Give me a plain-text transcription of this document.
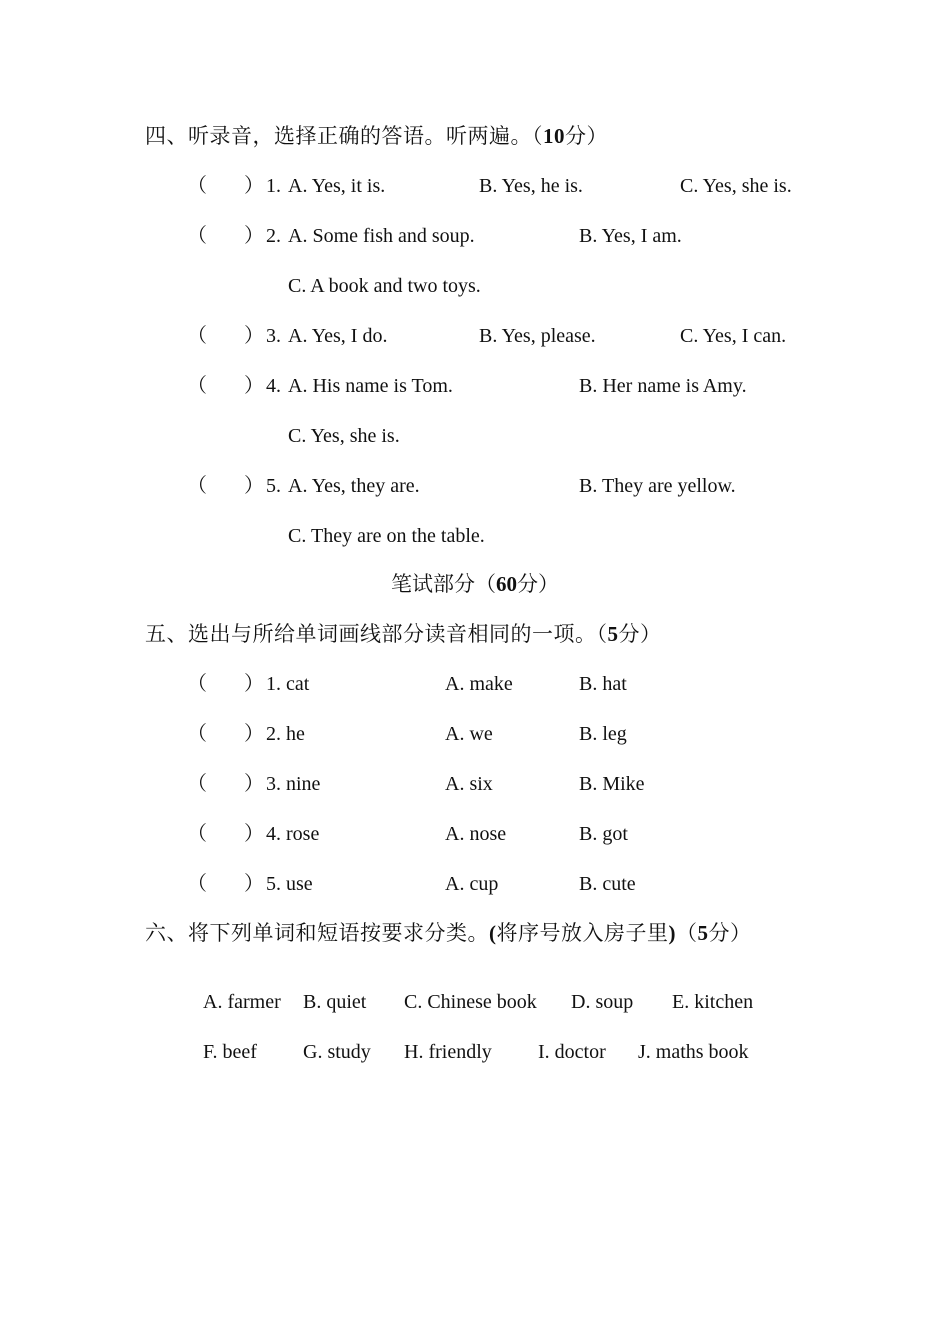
四、听录音，选择正确的答语。听两遍。（10分）
（ ） 1. A. Yes, it is.	B. Yes, he is.	C. Yes, she is.
（ ） 2. A. Some fish and soup.	B. Yes, I am.
C. A book and two toys.
（ ） 3. A. Yes, I do.	B. Yes, please.	C. Yes, I can.
（ ） 4. A. His name is Tom.	B. Her name is Amy.
C. Yes, she is.
（ ） 5. A. Yes, they are.	B. They are yellow.
C. They are on the table.
笔试部分（60分）
五、选出与所给单词画线部分读音相同的一项。（5分）
（ ） 1. cat	A. make	B. hat
（ ） 2. he	A. we	B. leg
（ ） 3. nine	A. six	B. Mike
（ ） 4. rose	A. nose	B. got
（ ） 5. use	A. cup	B. cute
六、将下列单词和短语按要求分类。(将序号放入房子里)（5分）
A. farmer B. quiet C. Chinese book D. soup E. kitchen
F. beef G. study H. friendly I. doctor J. maths book
